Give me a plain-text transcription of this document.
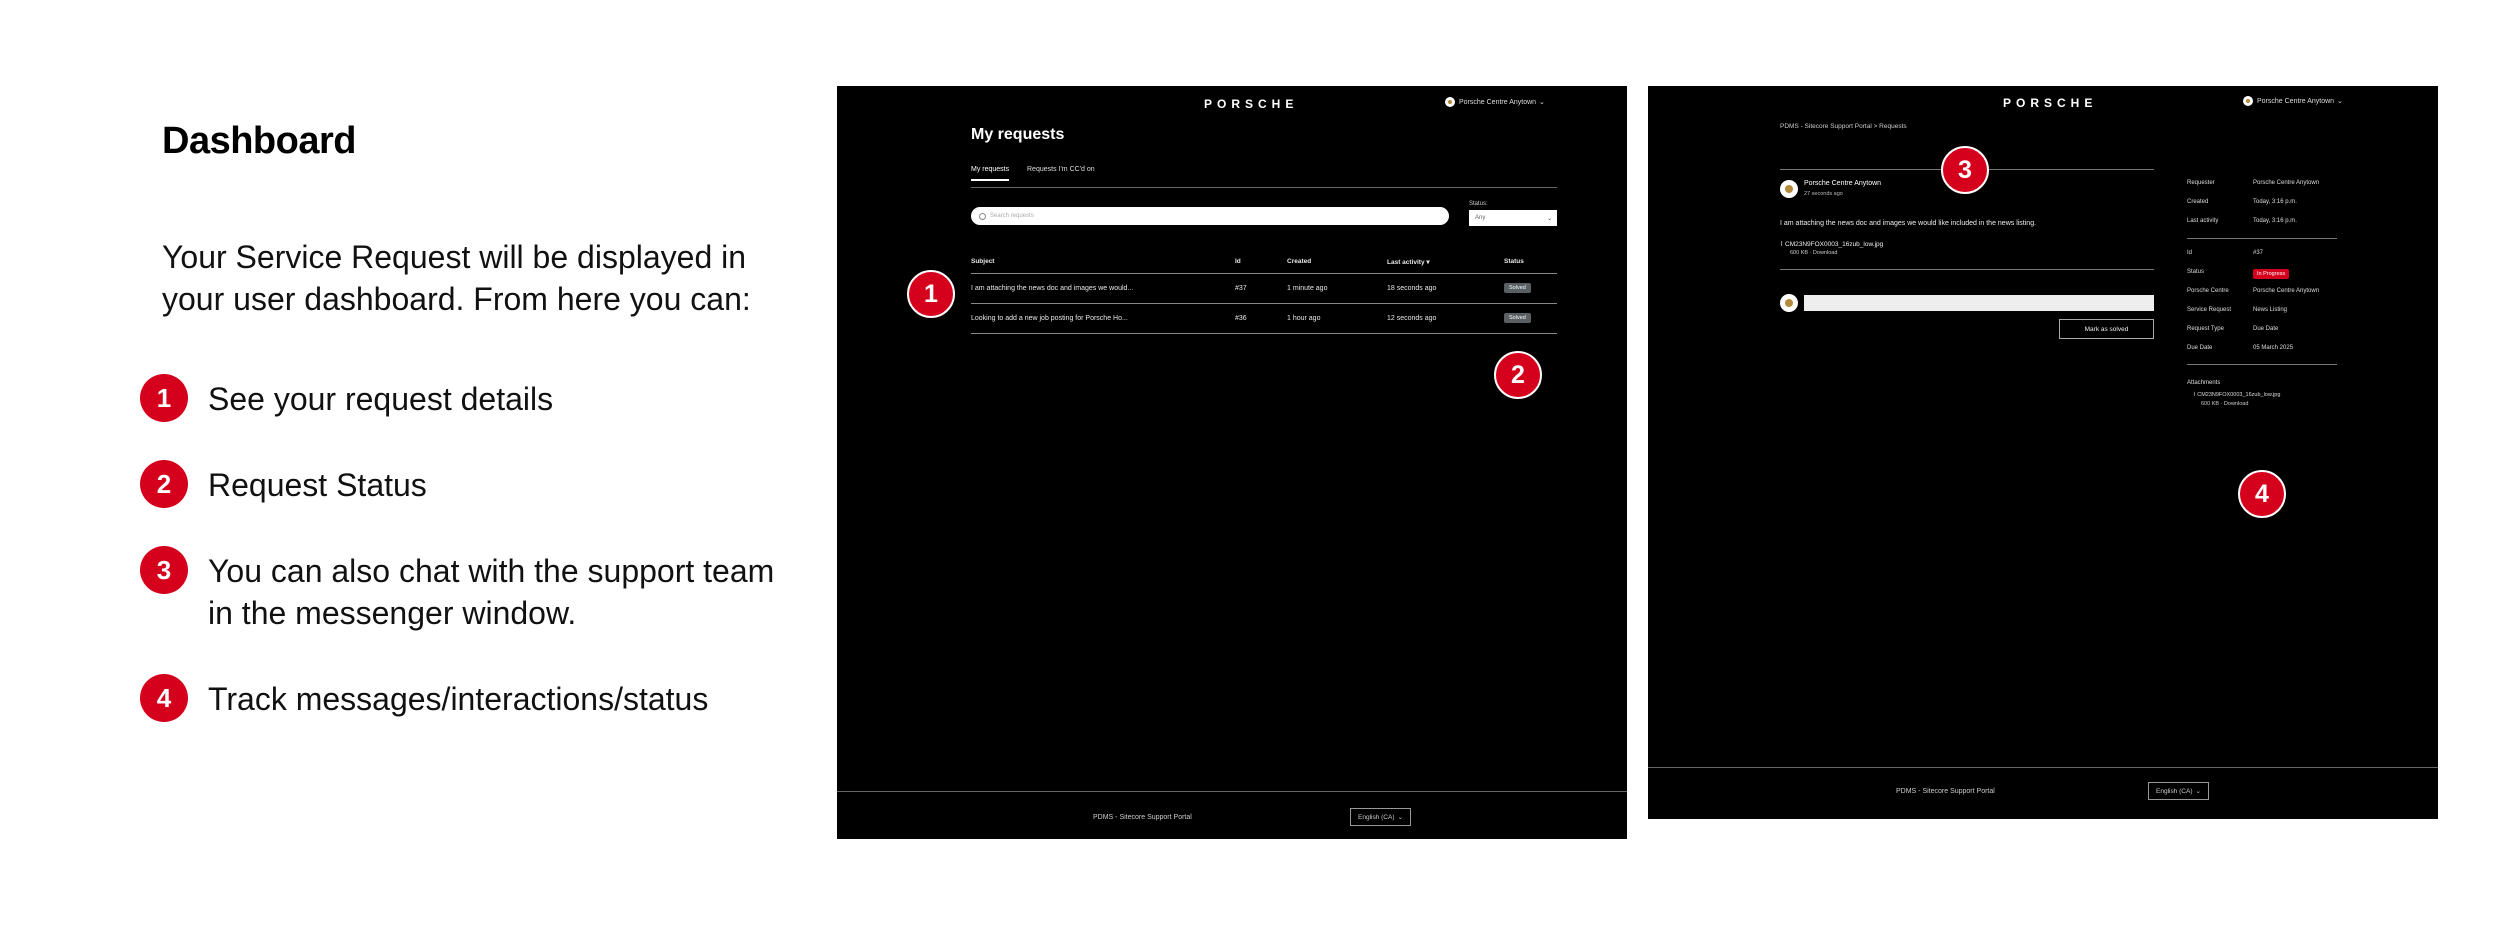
Dashboard
Your Service Request will be displayed in your user dashboard. From here you can:
1	See your request details
2	Request Status
3	You can also chat with the support team in the messenger window.
4	Track messages/interactions/status
PORSCHE	Porsche Centre Anytown ⌄
My requests
My requests	Requests I'm CC'd on
Search requests
Status:
Any	⌄
Subject	Id	Created	Last activity ▾	Status
I am attaching the news doc and images we would...	#37	1 minute ago	18 seconds ago	Solved
Looking to add a new job posting for Porsche Ho...	#36	1 hour ago	12 seconds ago	Solved
1
2
PDMS - Sitecore Support Portal	English (CA) ⌄
PORSCHE	Porsche Centre Anytown ⌄
PDMS - Sitecore Support Portal > Requests
Porsche Centre Anytown
27 seconds ago
I am attaching the news doc and images we would like included in the news listing.
⌇ CM23N9FOX0003_16zub_low.jpg
600 KB · Download
Mark as solved
Requester	Porsche Centre Anytown
Created	Today, 3:16 p.m.
Last activity	Today, 3:16 p.m.
Id	#37
Status	In Progress
Porsche Centre	Porsche Centre Anytown
Service Request	News Listing
Request Type	Due Date
Due Date	05 March 2025
Attachments
⌇ CM23N9FOX0003_16zub_low.jpg
600 KB · Download
3
4
PDMS - Sitecore Support Portal	English (CA) ⌄
